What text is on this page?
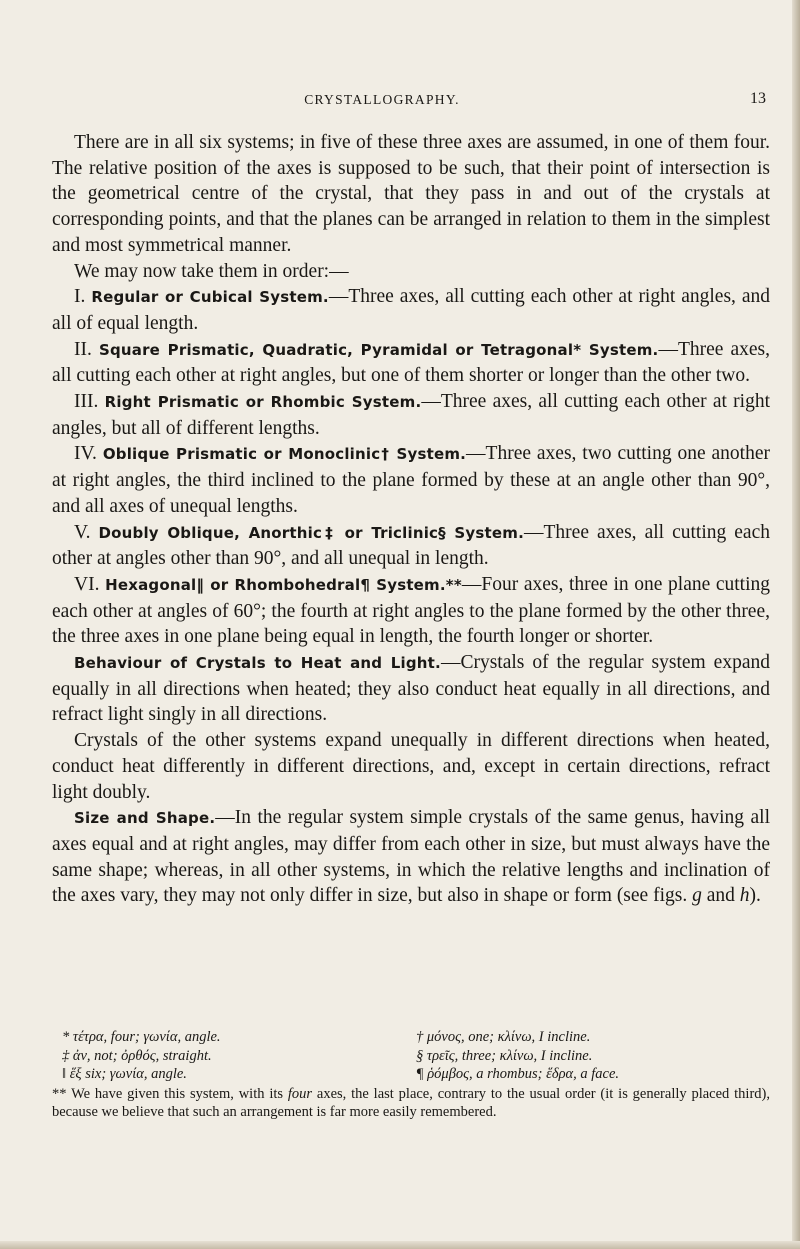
CRYSTALLOGRAPHY.	13

There are in all six systems; in five of these three axes are assumed, in one of them four. The relative position of the axes is supposed to be such, that their point of intersection is the geometrical centre of the crystal, that they pass in and out of the crystals at corresponding points, and that the planes can be arranged in relation to them in the simplest and most symmetrical manner.

We may now take them in order:—

I. Regular or Cubical System.—Three axes, all cutting each other at right angles, and all of equal length.

II. Square Prismatic, Quadratic, Pyramidal or Tetragonal* System.—Three axes, all cutting each other at right angles, but one of them shorter or longer than the other two.

III. Right Prismatic or Rhombic System.—Three axes, all cutting each other at right angles, but all of different lengths.

IV. Oblique Prismatic or Monoclinic† System.—Three axes, two cutting one another at right angles, the third inclined to the plane formed by these at an angle other than 90°, and all axes of unequal lengths.

V. Doubly Oblique, Anorthic‡ or Triclinic§ System.—Three axes, all cutting each other at angles other than 90°, and all unequal in length.

VI. Hexagonal‖ or Rhombohedral¶ System.**—Four axes, three in one plane cutting each other at angles of 60°; the fourth at right angles to the plane formed by the other three, the three axes in one plane being equal in length, the fourth longer or shorter.

Behaviour of Crystals to Heat and Light.—Crystals of the regular system expand equally in all directions when heated; they also conduct heat equally in all directions, and refract light singly in all directions.

Crystals of the other systems expand unequally in different directions when heated, conduct heat differently in different directions, and, except in certain directions, refract light doubly.

Size and Shape.—In the regular system simple crystals of the same genus, having all axes equal and at right angles, may differ from each other in size, but must always have the same shape; whereas, in all other systems, in which the relative lengths and inclination of the axes vary, they may not only differ in size, but also in shape or form (see figs. g and h).

* τέτρα, four; γωνία, angle.	† μόνος, one; κλίνω, I incline.
‡ ἀν, not; ὀρθός, straight.	§ τρεῖς, three; κλίνω, I incline.
‖ ἕξ six; γωνία, angle.	¶ ῥόμβος, a rhombus; ἕδρα, a face.
** We have given this system, with its four axes, the last place, contrary to the usual order (it is generally placed third), because we believe that such an arrangement is far more easily remembered.
